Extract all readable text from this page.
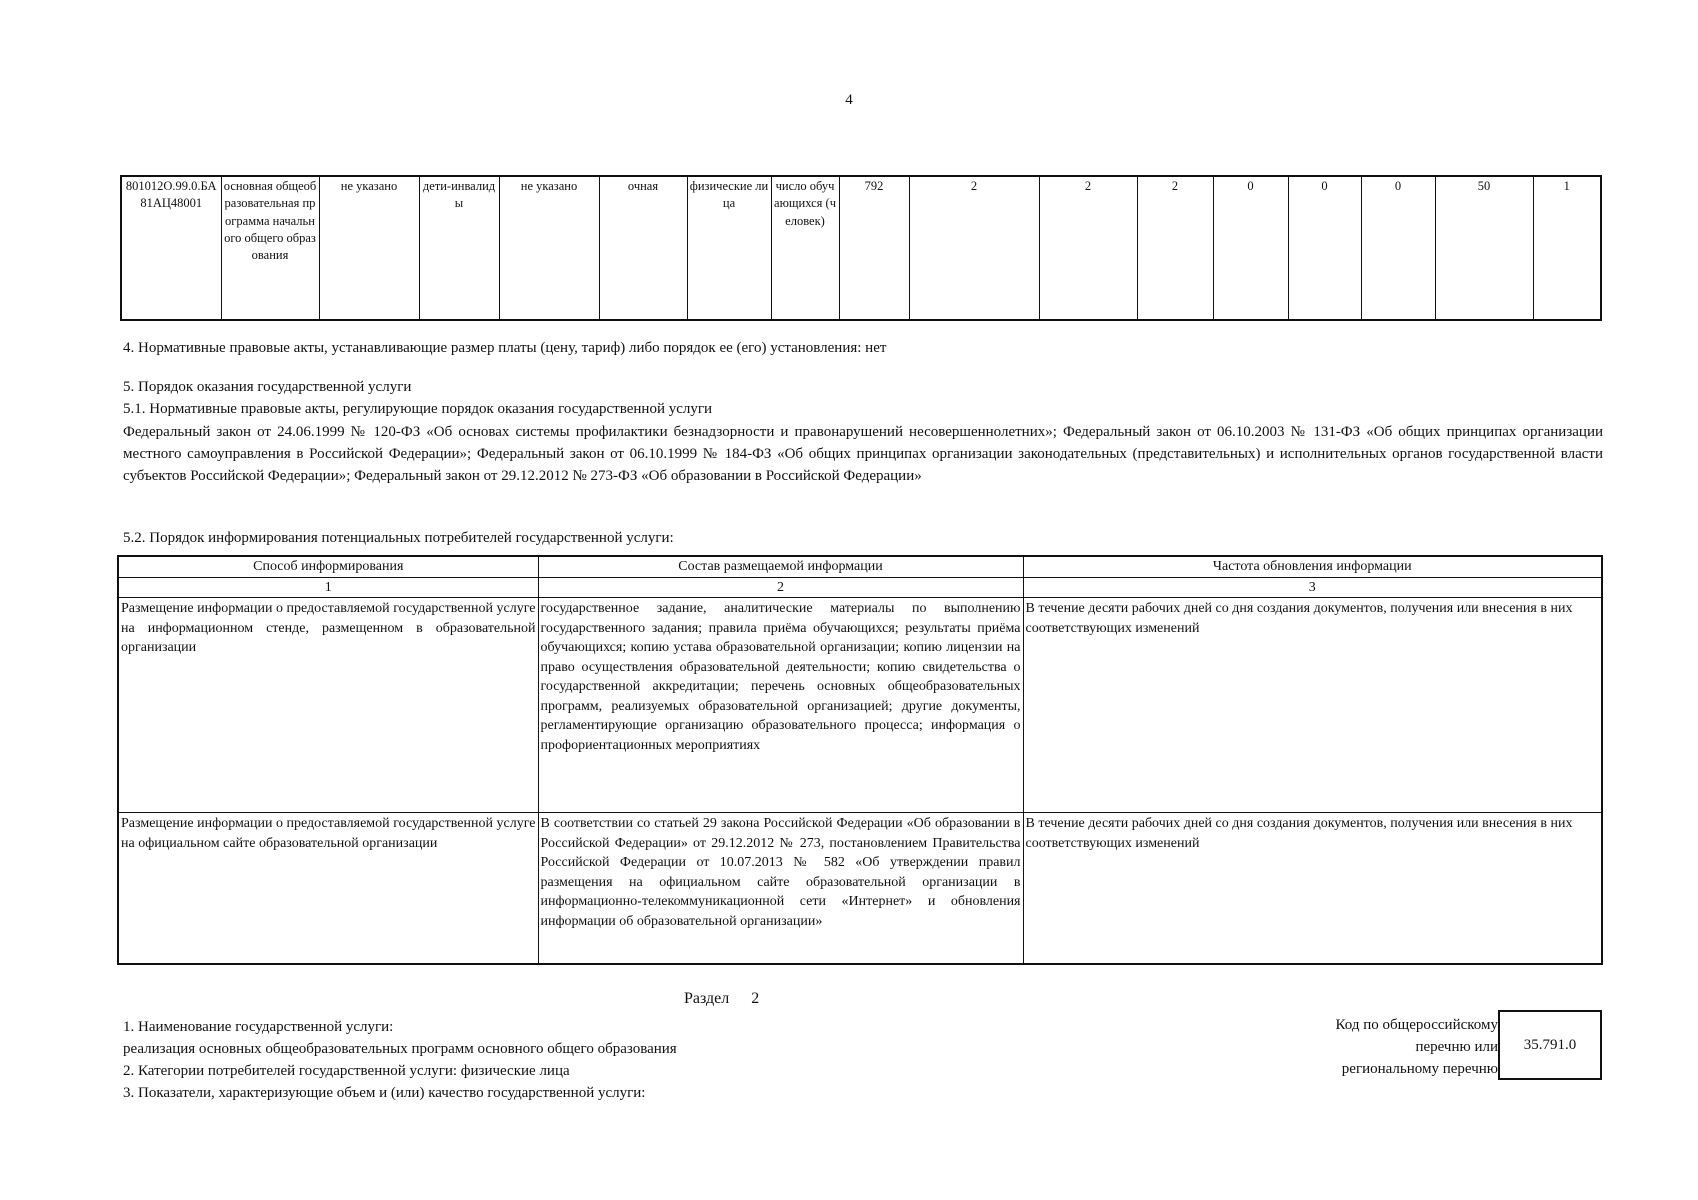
4
801012О.99.0.БА81АЦ48001	основная общеобразовательная программа начального общего образования	не указано	дети-инвалиды	не указано	очная	физические лица	число обучающихся (человек)	792	2	2	2	0	0	0	50	1
4. Нормативные правовые акты, устанавливающие размер платы (цену, тариф) либо порядок ее (его) установления: нет
5. Порядок оказания государственной услуги
5.1. Нормативные правовые акты, регулирующие порядок оказания государственной услуги
Федеральный закон от 24.06.1999 № 120-ФЗ «Об основах системы профилактики безнадзорности и правонарушений несовершеннолетних»; Федеральный закон от 06.10.2003 № 131-ФЗ «Об общих принципах организации местного самоуправления в Российской Федерации»; Федеральный закон от 06.10.1999 № 184-ФЗ «Об общих принципах организации законодательных (представительных) и исполнительных органов государственной власти субъектов Российской Федерации»; Федеральный закон от 29.12.2012 № 273-ФЗ «Об образовании в Российской Федерации»
5.2. Порядок информирования потенциальных потребителей государственной услуги:
Способ информирования	Состав размещаемой информации	Частота обновления информации
1	2	3
Размещение информации о предоставляемой государственной услуге на информационном стенде, размещенном в образовательной организации	государственное задание, аналитические материалы по выполнению государственного задания; правила приёма обучающихся; результаты приёма обучающихся; копию устава образовательной организации; копию лицензии на право осуществления образовательной деятельности; копию свидетельства о государственной аккредитации; перечень основных общеобразовательных программ, реализуемых образовательной организацией; другие документы, регламентирующие организацию образовательного процесса; информация о профориентационных мероприятиях	В течение десяти рабочих дней со дня создания документов, получения или внесения в них соответствующих изменений
Размещение информации о предоставляемой государственной услуге на официальном сайте образовательной организации	В соответствии со статьей 29 закона Российской Федерации «Об образовании в Российской Федерации» от 29.12.2012 № 273, постановлением Правительства Российской Федерации от 10.07.2013 № 582 «Об утверждении правил размещения на официальном сайте образовательной организации в информационно-телекоммуникационной сети «Интернет» и обновления информации об образовательной организации»	В течение десяти рабочих дней со дня создания документов, получения или внесения в них соответствующих изменений
Раздел 2
1. Наименование государственной услуги:
реализация основных общеобразовательных программ основного общего образования
2. Категории потребителей государственной услуги: физические лица
3. Показатели, характеризующие объем и (или) качество государственной услуги:
Код по общероссийскому
перечню или
региональному перечню
35.791.0
